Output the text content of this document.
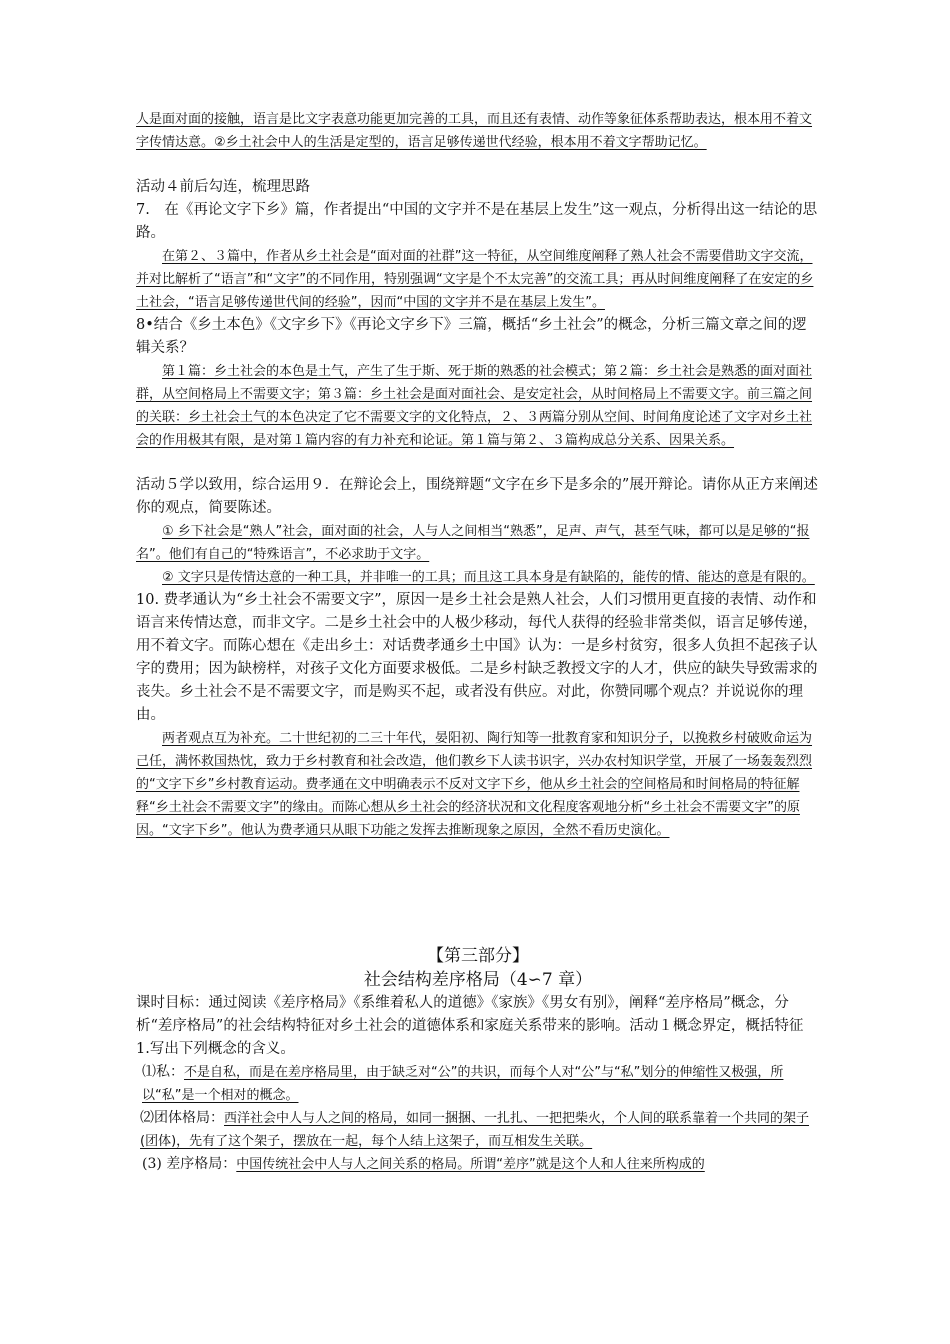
人是面对面的接触，语言是比文字表意功能更加完善的工具，而且还有表情、动作等象征体系帮助表达，根本用不着文字传情达意。②乡土社会中人的生活是定型的，语言足够传递世代经验，根本用不着文字帮助记忆。

活动４前后勾连，梳理思路

7.　在《再论文字下乡》篇，作者提出“中国的文字并不是在基层上发生”这一观点，分析得出这一结论的思路。

在第２、３篇中，作者从乡土社会是“面对面的社群”这一特征，从空间维度阐释了熟人社会不需要借助文字交流，并对比解析了“语言”和“文字”的不同作用，特别强调“文字是个不太完善”的交流工具；再从时间维度阐释了在安定的乡土社会，“语言足够传递世代间的经验”，因而“中国的文字并不是在基层上发生”。

8•结合《乡土本色》《文字乡下》《再论文字乡下》三篇，概括“乡土社会”的概念，分析三篇文章之间的逻辑关系？

第１篇：乡土社会的本色是土气，产生了生于斯、死于斯的熟悉的社会模式；第２篇：乡土社会是熟悉的面对面社群，从空间格局上不需要文字；第３篇：乡土社会是面对面社会、是安定社会，从时间格局上不需要文字。前三篇之间的关联：乡土社会土气的本色决定了它不需要文字的文化特点，２、３两篇分别从空间、时间角度论述了文字对乡土社会的作用极其有限，是对第１篇内容的有力补充和论证。第１篇与第２、３篇构成总分关系、因果关系。

活动５学以致用，综合运用９．在辩论会上，围绕辩题“文字在乡下是多余的”展开辩论。请你从正方来阐述你的观点，简要陈述。

① 乡下社会是“熟人”社会，面对面的社会，人与人之间相当“熟悉”，足声、声气，甚至气味，都可以是足够的“报名”。他们有自己的“特殊语言”，不必求助于文字。

② 文字只是传情达意的一种工具，并非唯一的工具；而且这工具本身是有缺陷的，能传的情、能达的意是有限的。

10. 费孝通认为“乡土社会不需要文字”，原因一是乡土社会是熟人社会，人们习惯用更直接的表情、动作和语言来传情达意，而非文字。二是乡土社会中的人极少移动，每代人获得的经验非常类似，语言足够传递，用不着文字。而陈心想在《走出乡土：对话费孝通乡土中国》认为：一是乡村贫穷，很多人负担不起孩子认字的费用；因为缺榜样，对孩子文化方面要求极低。二是乡村缺乏教授文字的人才，供应的缺失导致需求的丧失。乡土社会不是不需要文字，而是购买不起，或者没有供应。对此，你赞同哪个观点？并说说你的理由。

两者观点互为补充。二十世纪初的二三十年代，晏阳初、陶行知等一批教育家和知识分子，以挽救乡村破败命运为己任，满怀救国热忱，致力于乡村教育和社会改造，他们教乡下人读书识字，兴办农村知识学堂，开展了一场轰轰烈烈的“文字下乡”乡村教育运动。费孝通在文中明确表示不反对文字下乡，他从乡土社会的空间格局和时间格局的特征解释“乡土社会不需要文字”的缘由。而陈心想从乡土社会的经济状况和文化程度客观地分析“乡土社会不需要文字”的原因。“文字下乡”。他认为费孝通只从眼下功能之发挥去推断现象之原因，全然不看历史演化。

【第三部分】

社会结构差序格局（4∽7 章）

课时目标：通过阅读《差序格局》《系维着私人的道德》《家族》《男女有别》，阐释“差序格局”概念，分析“差序格局”的社会结构特征对乡土社会的道德体系和家庭关系带来的影响。活动１概念界定，概括特征

1.写出下列概念的含义。

⑴私：不是自私，而是在差序格局里，由于缺乏对“公”的共识，而每个人对“公”与“私”划分的伸缩性又极强，所以“私”是一个相对的概念。

⑵团体格局：西洋社会中人与人之间的格局，如同一捆捆、一扎扎、一把把柴火，个人间的联系靠着一个共同的架子(团体)，先有了这个架子，摆放在一起，每个人结上这架子，而互相发生关联。

(3) 差序格局：中国传统社会中人与人之间关系的格局。所谓“差序”就是这个人和人往来所构成的
